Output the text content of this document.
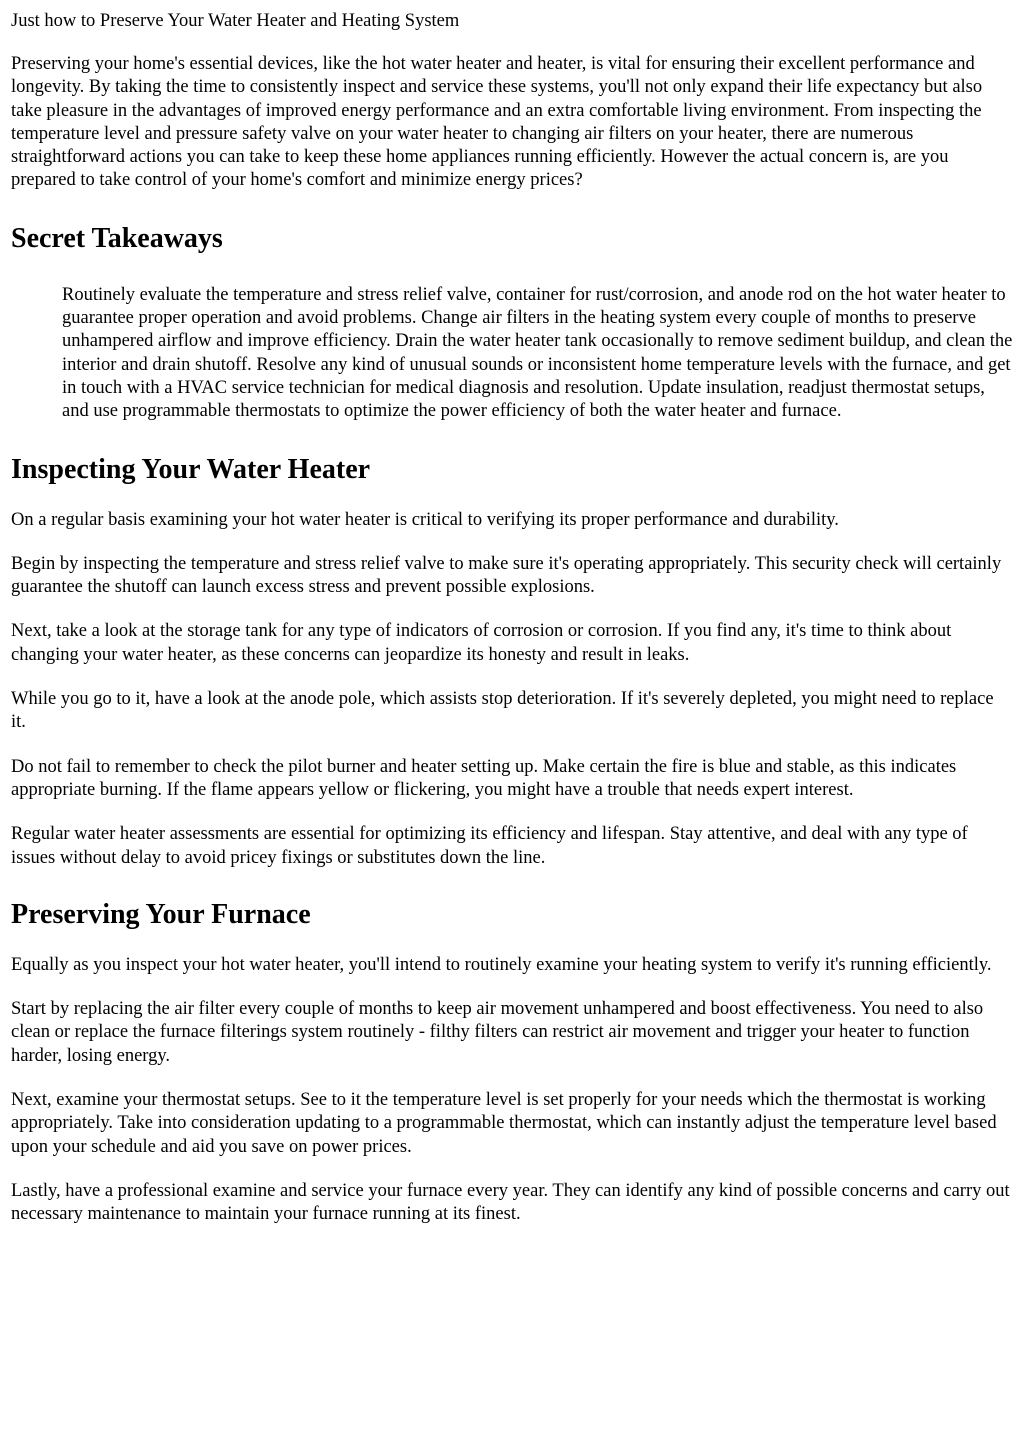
Just how to Preserve Your Water Heater and Heating System

Preserving your home's essential devices, like the hot water heater and heater, is vital for ensuring their excellent performance and longevity. By taking the time to consistently inspect and service these systems, you'll not only expand their life expectancy but also take pleasure in the advantages of improved energy performance and an extra comfortable living environment. From inspecting the temperature level and pressure safety valve on your water heater to changing air filters on your heater, there are numerous straightforward actions you can take to keep these home appliances running efficiently. However the actual concern is, are you prepared to take control of your home's comfort and minimize energy prices?

Secret Takeaways

Routinely evaluate the temperature and stress relief valve, container for rust/corrosion, and anode rod on the hot water heater to guarantee proper operation and avoid problems. Change air filters in the heating system every couple of months to preserve unhampered airflow and improve efficiency. Drain the water heater tank occasionally to remove sediment buildup, and clean the interior and drain shutoff. Resolve any kind of unusual sounds or inconsistent home temperature levels with the furnace, and get in touch with a HVAC service technician for medical diagnosis and resolution. Update insulation, readjust thermostat setups, and use programmable thermostats to optimize the power efficiency of both the water heater and furnace.

Inspecting Your Water Heater

On a regular basis examining your hot water heater is critical to verifying its proper performance and durability.

Begin by inspecting the temperature and stress relief valve to make sure it's operating appropriately. This security check will certainly guarantee the shutoff can launch excess stress and prevent possible explosions.

Next, take a look at the storage tank for any type of indicators of corrosion or corrosion. If you find any, it's time to think about changing your water heater, as these concerns can jeopardize its honesty and result in leaks.

While you go to it, have a look at the anode pole, which assists stop deterioration. If it's severely depleted, you might need to replace it.

Do not fail to remember to check the pilot burner and heater setting up. Make certain the fire is blue and stable, as this indicates appropriate burning. If the flame appears yellow or flickering, you might have a trouble that needs expert interest.

Regular water heater assessments are essential for optimizing its efficiency and lifespan. Stay attentive, and deal with any type of issues without delay to avoid pricey fixings or substitutes down the line.

Preserving Your Furnace

Equally as you inspect your hot water heater, you'll intend to routinely examine your heating system to verify it's running efficiently.

Start by replacing the air filter every couple of months to keep air movement unhampered and boost effectiveness. You need to also clean or replace the furnace filterings system routinely - filthy filters can restrict air movement and trigger your heater to function harder, losing energy.

Next, examine your thermostat setups. See to it the temperature level is set properly for your needs which the thermostat is working appropriately. Take into consideration updating to a programmable thermostat, which can instantly adjust the temperature level based upon your schedule and aid you save on power prices.

Lastly, have a professional examine and service your furnace every year. They can identify any kind of possible concerns and carry out necessary maintenance to maintain your furnace running at its finest.
